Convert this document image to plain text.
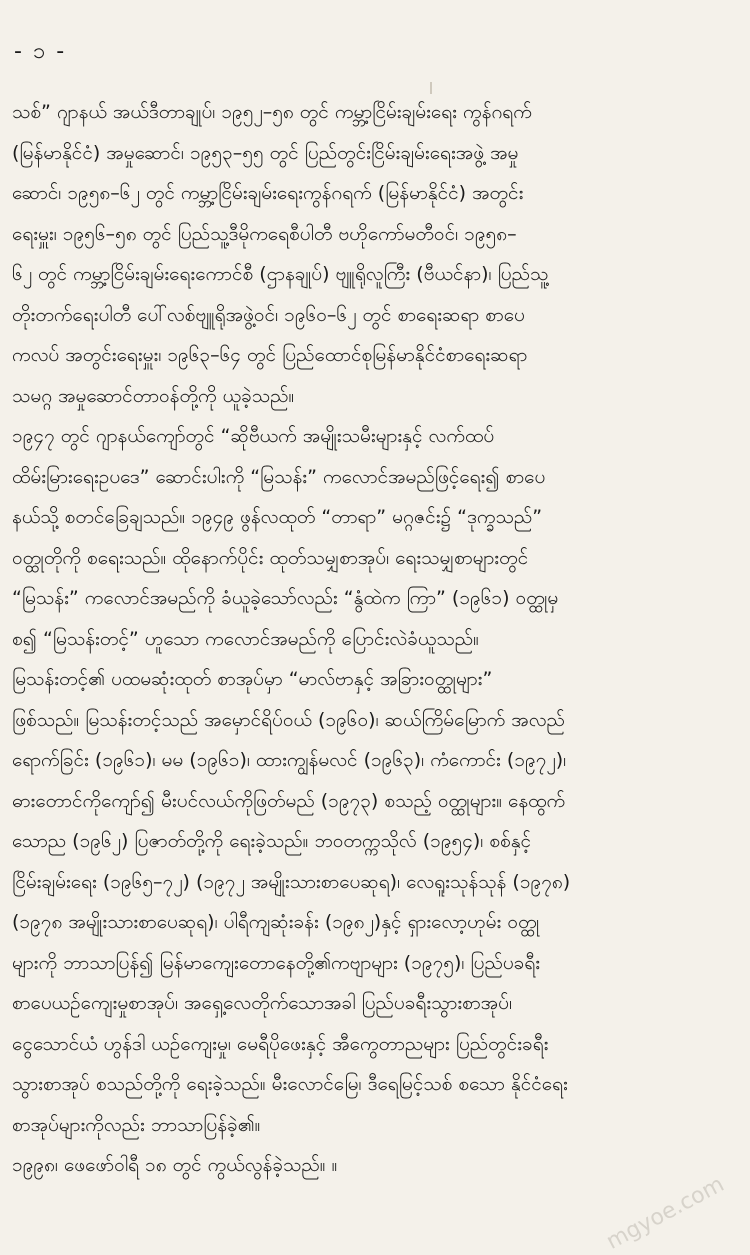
- ၁ -
သစ်” ဂျာနယ် အယ်ဒီတာချုပ်၊ ၁၉၅၂–၅၈ တွင် ကမ္ဘာ့ငြိမ်းချမ်းရေး ကွန်ဂရက်
(မြန်မာနိုင်ငံ) အမှုဆောင်၊ ၁၉၅၃–၅၅ တွင် ပြည်တွင်းငြိမ်းချမ်းရေးအဖွဲ့ အမှု
ဆောင်၊ ၁၉၅၈–၆၂ တွင် ကမ္ဘာ့ငြိမ်းချမ်းရေးကွန်ဂရက် (မြန်မာနိုင်ငံ) အတွင်း
ရေးမှူး၊ ၁၉၅၆–၅၈ တွင် ပြည်သူ့ဒီမိုကရေစီပါတီ ဗဟိုကော်မတီဝင်၊ ၁၉၅၈–
၆၂ တွင် ကမ္ဘာ့ငြိမ်းချမ်းရေးကောင်စီ (ဌာနချုပ်) ဗျူရိုလူကြီး (ဗီယင်နာ)၊ ပြည်သူ့
တိုးတက်ရေးပါတီ ပေါ်လစ်ဗျူရိုအဖွဲ့ဝင်၊ ၁၉၆၀–၆၂ တွင် စာရေးဆရာ စာပေ
ကလပ် အတွင်းရေးမှူး၊ ၁၉၆၃–၆၄ တွင် ပြည်ထောင်စုမြန်မာနိုင်ငံစာရေးဆရာ
သမဂ္ဂ အမှုဆောင်တာဝန်တို့ကို ယူခဲ့သည်။
၁၉၄၇ တွင် ဂျာနယ်ကျော်တွင် “ဆိုဗီယက် အမျိုးသမီးများနှင့် လက်ထပ်
ထိမ်းမြားရေးဥပဒေ” ဆောင်းပါးကို “မြသန်း” ကလောင်အမည်ဖြင့်ရေး၍ စာပေ
နယ်သို့ စတင်ခြေချသည်။ ၁၉၄၉ ဖွန်လထုတ် “တာရာ” မဂ္ဂဇင်း၌ “ဒုက္ခသည်”
ဝတ္ထုတိုကို စရေးသည်။ ထိုနောက်ပိုင်း ထုတ်သမျှစာအုပ်၊ ရေးသမျှစာများတွင်
“မြသန်း” ကလောင်အမည်ကို ခံယူခဲ့သော်လည်း “နွံထဲက ကြာ” (၁၉၆၁) ဝတ္ထုမှ
စ၍ “မြသန်းတင့်” ဟူသော ကလောင်အမည်ကို ပြောင်းလဲခံယူသည်။
မြသန်းတင့်၏ ပထမဆုံးထုတ် စာအုပ်မှာ “မာလ်ဗာနှင့် အခြားဝတ္ထုများ”
ဖြစ်သည်။ မြသန်းတင့်သည် အမှောင်ရိပ်ဝယ် (၁၉၆၀)၊ ဆယ်ကြိမ်မြောက် အလည်
ရောက်ခြင်း (၁၉၆၁)၊ မမ (၁၉၆၁)၊ ထားကျွန်မလင် (၁၉၆၃)၊ ကံကောင်း (၁၉၇၂)၊
ဓားတောင်ကိုကျော်၍ မီးပင်လယ်ကိုဖြတ်မည် (၁၉၇၃) စသည့် ဝတ္ထုများ။ နေထွက်
သောည (၁၉၆၂) ပြဇာတ်တို့ကို ရေးခဲ့သည်။ ဘဝတက္ကသိုလ် (၁၉၅၄)၊ စစ်နှင့်
ငြိမ်းချမ်းရေး (၁၉၆၅–၇၂) (၁၉၇၂ အမျိုးသားစာပေဆုရ)၊ လေရူးသုန်သုန် (၁၉၇၈)
(၁၉၇၈ အမျိုးသားစာပေဆုရ)၊ ပါရီကျဆုံးခန်း (၁၉၈၂)နှင့် ရှားလော့ဟုမ်း ဝတ္ထု
များကို ဘာသာပြန်၍ မြန်မာကျေးတောနေတို့၏ကဗျာများ (၁၉၇၅)၊ ပြည်ပခရီး
စာပေယဉ်ကျေးမှုစာအုပ်၊ အရှေ့လေတိုက်သောအခါ ပြည်ပခရီးသွားစာအုပ်၊
ငွေသောင်ယံ ဟွန်ဒါ ယဉ်ကျေးမှု၊ မေရီပိုဖေးနှင့် အီကွေတာညများ ပြည်တွင်းခရီး
သွားစာအုပ် စသည်တို့ကို ရေးခဲ့သည်။ မီးလောင်မြေ၊ ဒီရေမြင့်သစ် စသော နိုင်ငံရေး
စာအုပ်များကိုလည်း ဘာသာပြန်ခဲ့၏။
၁၉၉၈၊ ဖေဖော်ဝါရီ ၁၈ တွင် ကွယ်လွန်ခဲ့သည်။ ။
mgyoe.com
